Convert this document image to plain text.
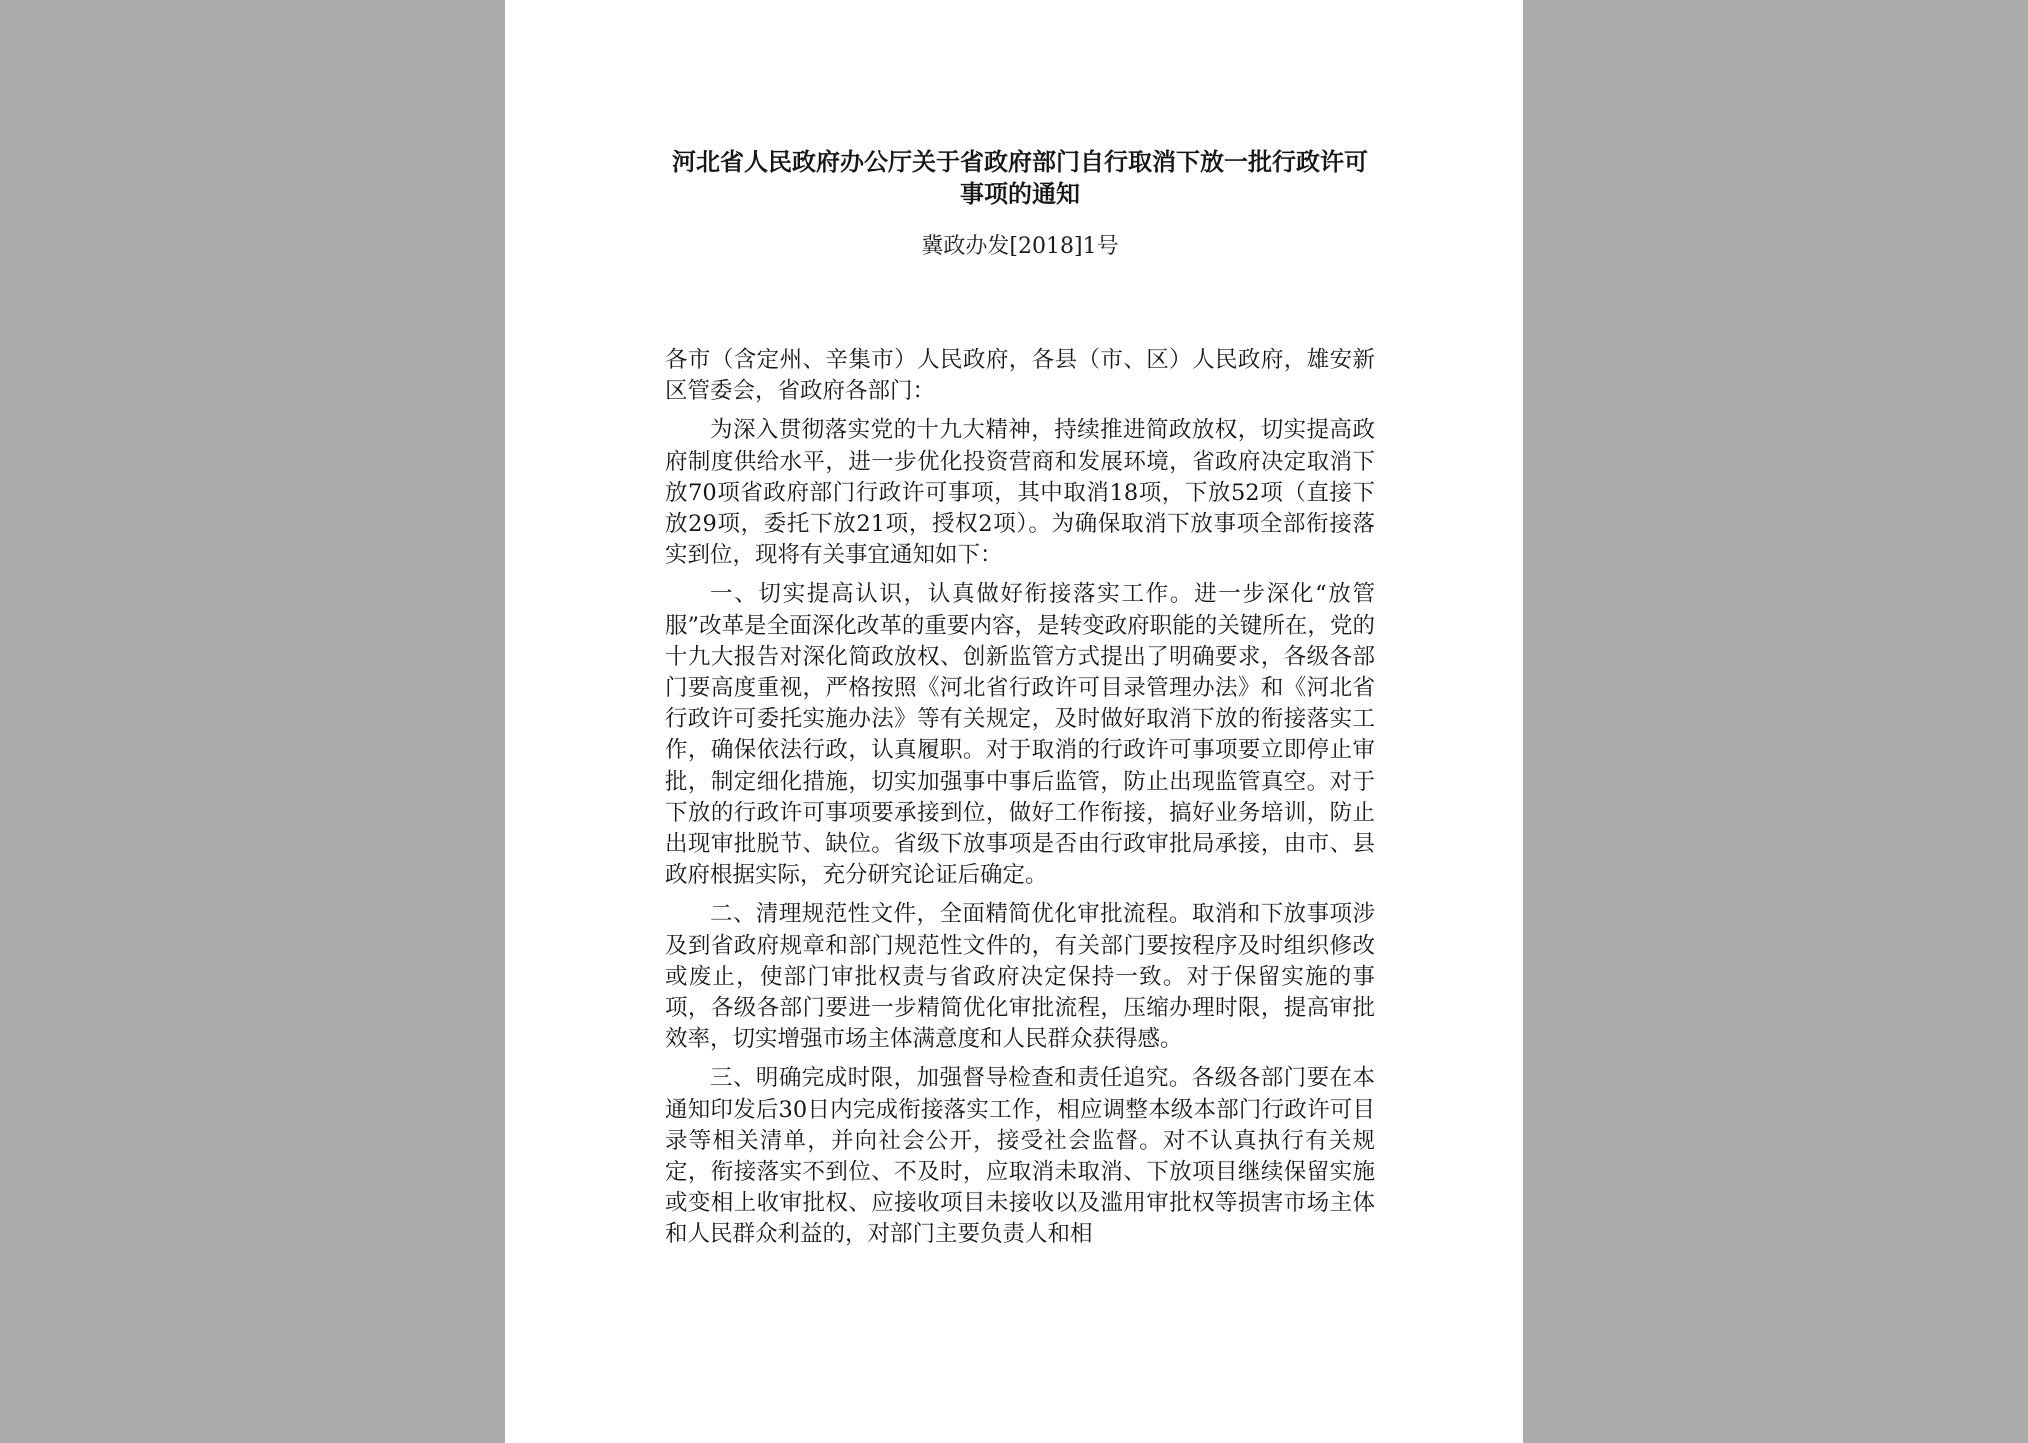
河北省人民政府办公厅关于省政府部门自行取消下放一批行政许可事项的通知
冀政办发[2018]1号

各市（含定州、辛集市）人民政府，各县（市、区）人民政府，雄安新区管委会，省政府各部门：

为深入贯彻落实党的十九大精神，持续推进简政放权，切实提高政府制度供给水平，进一步优化投资营商和发展环境，省政府决定取消下放70项省政府部门行政许可事项，其中取消18项，下放52项（直接下放29项，委托下放21项，授权2项）。为确保取消下放事项全部衔接落实到位，现将有关事宜通知如下：

一、切实提高认识，认真做好衔接落实工作。进一步深化“放管服”改革是全面深化改革的重要内容，是转变政府职能的关键所在，党的十九大报告对深化简政放权、创新监管方式提出了明确要求，各级各部门要高度重视，严格按照《河北省行政许可目录管理办法》和《河北省行政许可委托实施办法》等有关规定，及时做好取消下放的衔接落实工作，确保依法行政，认真履职。对于取消的行政许可事项要立即停止审批，制定细化措施，切实加强事中事后监管，防止出现监管真空。对于下放的行政许可事项要承接到位，做好工作衔接，搞好业务培训，防止出现审批脱节、缺位。省级下放事项是否由行政审批局承接，由市、县政府根据实际，充分研究论证后确定。

二、清理规范性文件，全面精简优化审批流程。取消和下放事项涉及到省政府规章和部门规范性文件的，有关部门要按程序及时组织修改或废止，使部门审批权责与省政府决定保持一致。对于保留实施的事项，各级各部门要进一步精简优化审批流程，压缩办理时限，提高审批效率，切实增强市场主体满意度和人民群众获得感。

三、明确完成时限，加强督导检查和责任追究。各级各部门要在本通知印发后30日内完成衔接落实工作，相应调整本级本部门行政许可目录等相关清单，并向社会公开，接受社会监督。对不认真执行有关规定，衔接落实不到位、不及时，应取消未取消、下放项目继续保留实施或变相上收审批权、应接收项目未接收以及滥用审批权等损害市场主体和人民群众利益的，对部门主要负责人和相
